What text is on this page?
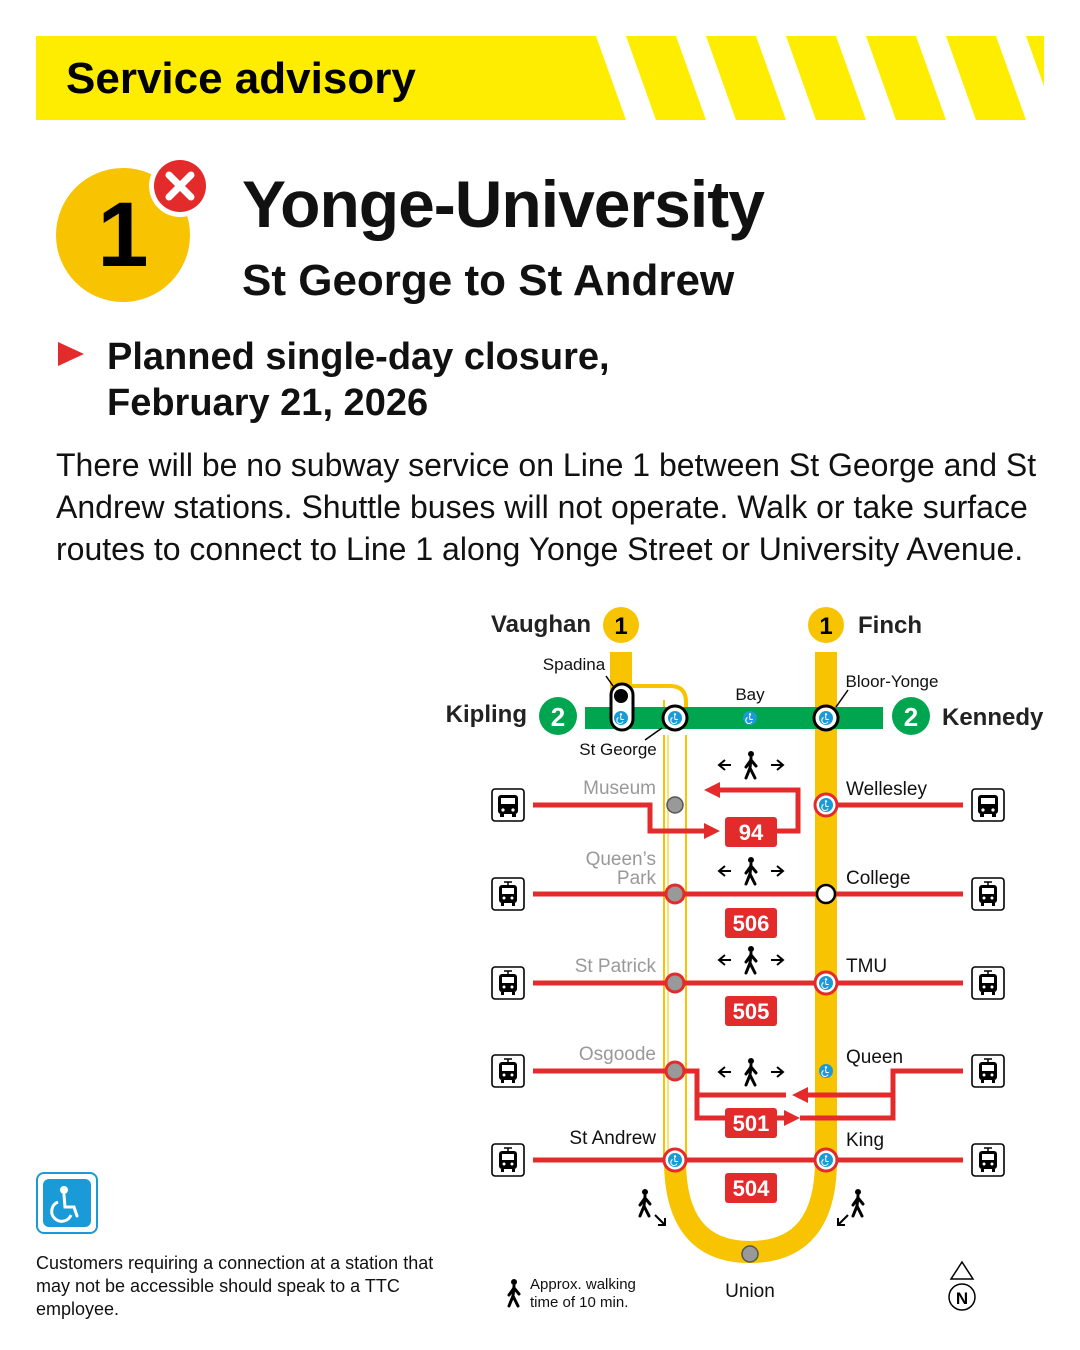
Service advisory
1	Yonge-University
St George to St Andrew
Planned single-day closure,
February 21, 2026
There will be no subway service on Line 1 between St George and St Andrew stations. Shuttle buses will not operate. Walk or take surface routes to connect to Line 1 along Yonge Street or University Avenue.
94
506
505
501
504
1	1
2	2
Vaughan	Finch
Kipling	Kennedy
Spadina
St George
Bay
Bloor-Yonge
Museum
Queen’s
Park
St Patrick
Osgoode
St Andrew
Wellesley
College
TMU
Queen
King
Union
Approx. walking
time of 10 min.	N
Customers requiring a connection at a station that may not be accessible should speak to a TTC employee.
